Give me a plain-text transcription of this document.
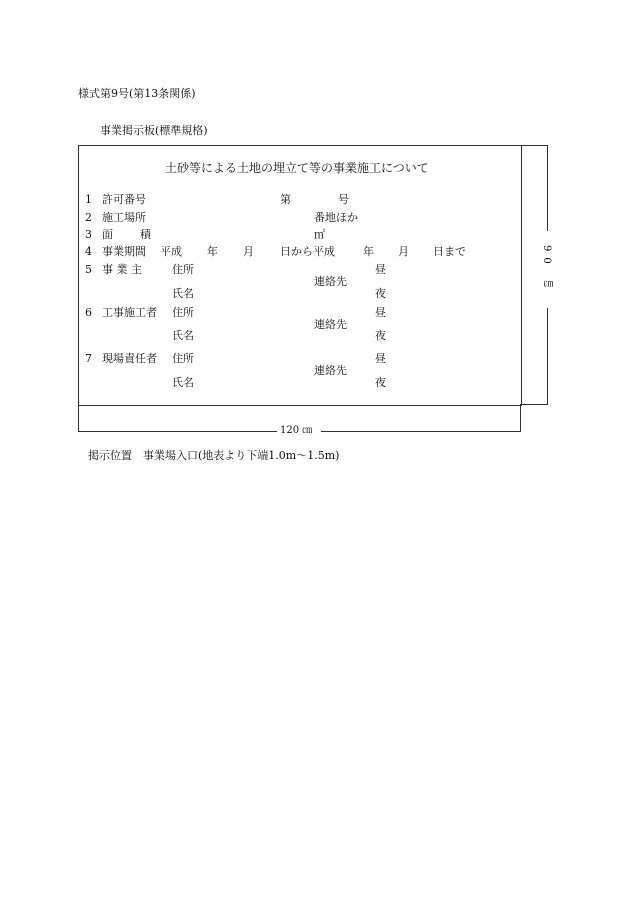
様式第9号(第13条関係)
事業掲示板(標準規格)
土砂等による土地の埋立て等の事業施工について
1 許可番号	第	号
2 施工場所	番地ほか
3 面 積	㎡
4 事業期間 平成 年 月 日から平成	年 月 日まで
5 事 業 主	住所	昼
連絡先
氏名	夜
6 工事施工者 住所	昼
連絡先
氏名	夜
7 現場責任者 住所	昼
連絡先
氏名	夜
90 ㎝
120 ㎝
掲示位置　事業場入口(地表より下端1.0m～1.5m)
